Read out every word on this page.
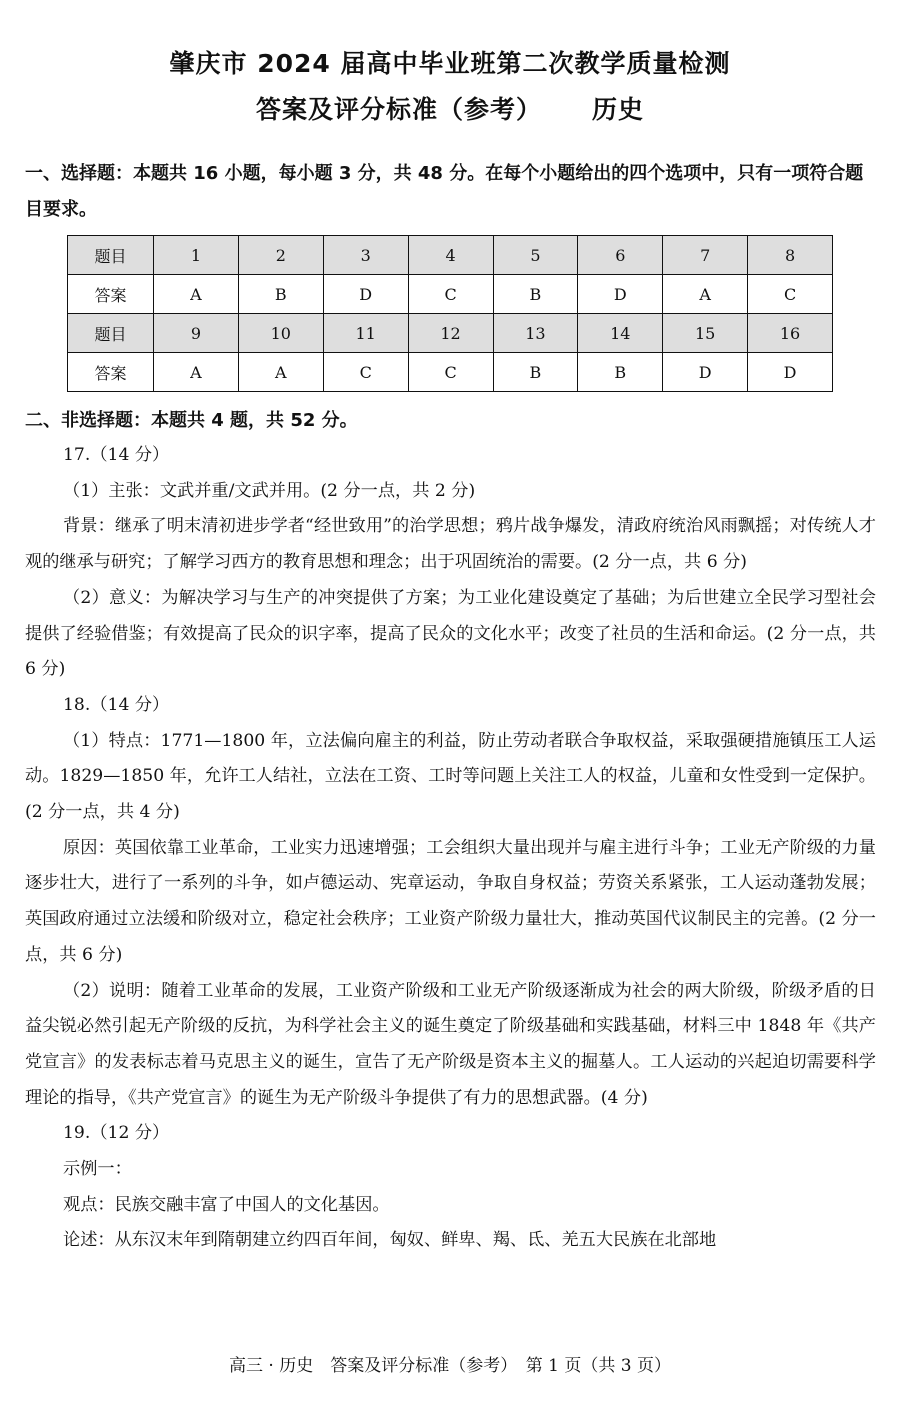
肇庆市 2024 届高中毕业班第二次教学质量检测
答案及评分标准（参考） 历史
一、选择题：本题共 16 小题，每小题 3 分，共 48 分。在每个小题给出的四个选项中，只有一项符合题目要求。
题目	1	2	3	4	5	6	7	8
答案	A	B	D	C	B	D	A	C
题目	9	10	11	12	13	14	15	16
答案	A	A	C	C	B	B	D	D
二、非选择题：本题共 4 题，共 52 分。

17.（14 分）

（1）主张：文武并重/文武并用。(2 分一点，共 2 分)

背景：继承了明末清初进步学者“经世致用”的治学思想；鸦片战争爆发，清政府统治风雨飘摇；对传统人才观的继承与研究；了解学习西方的教育思想和理念；出于巩固统治的需要。(2 分一点，共 6 分)

（2）意义：为解决学习与生产的冲突提供了方案；为工业化建设奠定了基础；为后世建立全民学习型社会提供了经验借鉴；有效提高了民众的识字率，提高了民众的文化水平；改变了社员的生活和命运。(2 分一点，共 6 分)

18.（14 分）

（1）特点：1771—1800 年，立法偏向雇主的利益，防止劳动者联合争取权益，采取强硬措施镇压工人运动。1829—1850 年，允许工人结社，立法在工资、工时等问题上关注工人的权益，儿童和女性受到一定保护。(2 分一点，共 4 分)

原因：英国依靠工业革命，工业实力迅速增强；工会组织大量出现并与雇主进行斗争；工业无产阶级的力量逐步壮大，进行了一系列的斗争，如卢德运动、宪章运动，争取自身权益；劳资关系紧张，工人运动蓬勃发展；英国政府通过立法缓和阶级对立，稳定社会秩序；工业资产阶级力量壮大，推动英国代议制民主的完善。(2 分一点，共 6 分)

（2）说明：随着工业革命的发展，工业资产阶级和工业无产阶级逐渐成为社会的两大阶级，阶级矛盾的日益尖锐必然引起无产阶级的反抗，为科学社会主义的诞生奠定了阶级基础和实践基础，材料三中 1848 年《共产党宣言》的发表标志着马克思主义的诞生，宣告了无产阶级是资本主义的掘墓人。工人运动的兴起迫切需要科学理论的指导，《共产党宣言》的诞生为无产阶级斗争提供了有力的思想武器。(4 分)

19.（12 分）

示例一：

观点：民族交融丰富了中国人的文化基因。

论述：从东汉末年到隋朝建立约四百年间，匈奴、鲜卑、羯、氐、羌五大民族在北部地

高三 · 历史　答案及评分标准（参考）　第 1 页（共 3 页）
